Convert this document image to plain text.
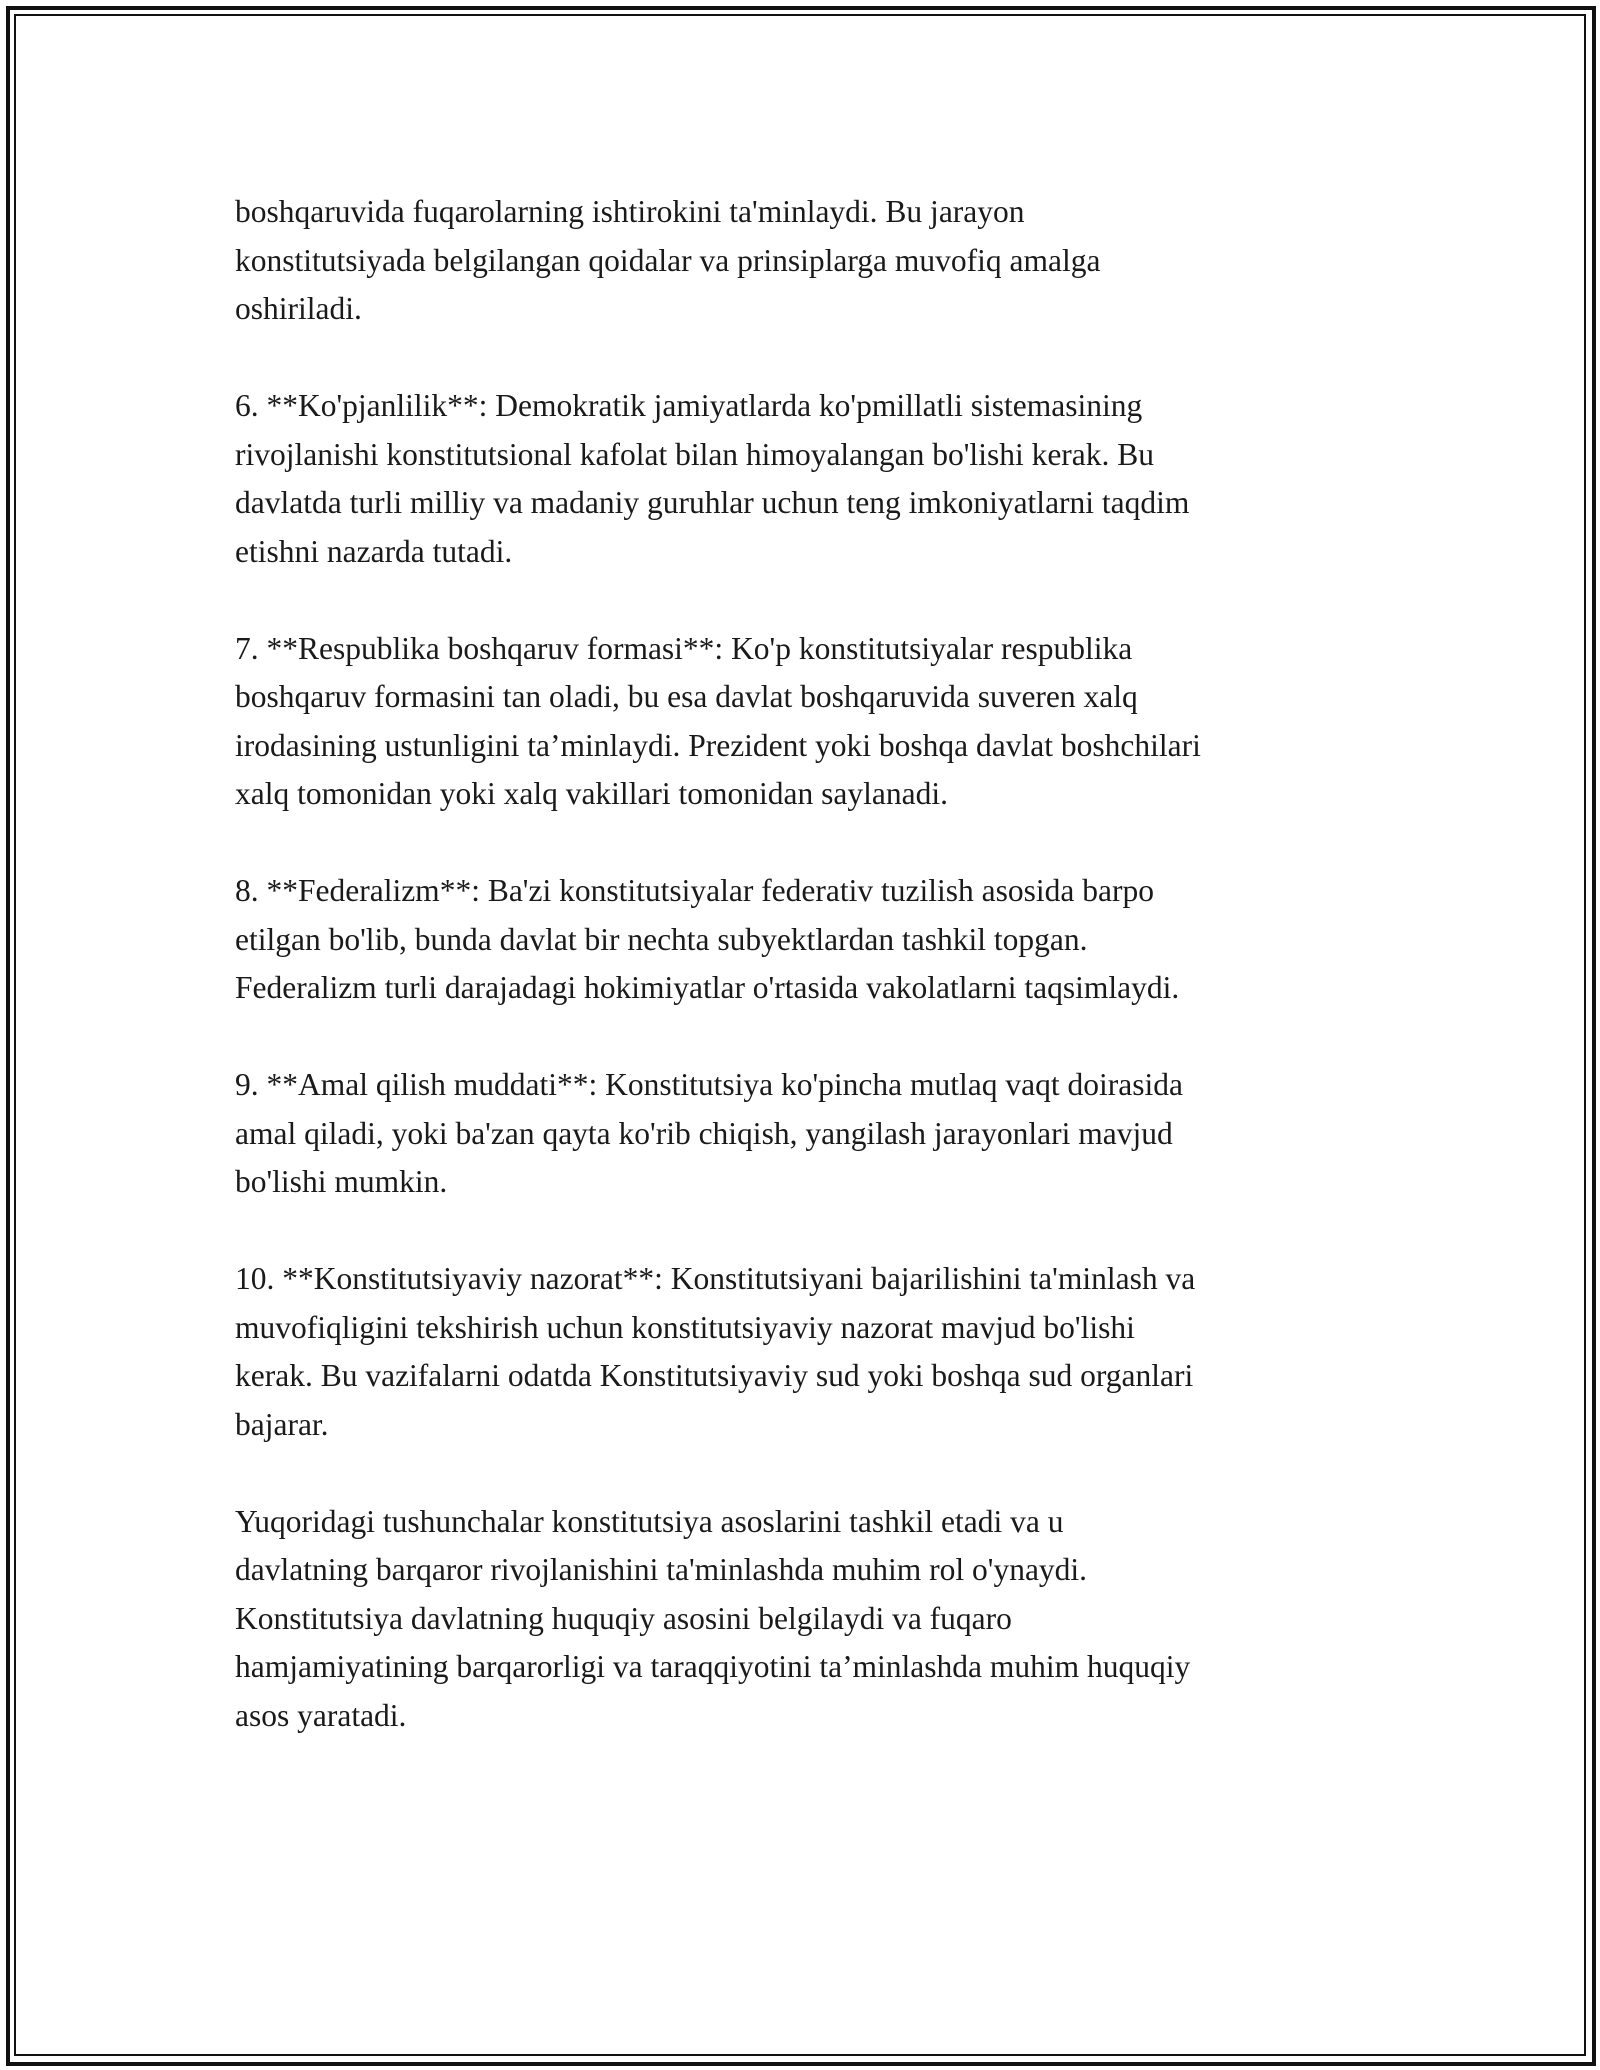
boshqaruvida fuqarolarning ishtirokini ta'minlaydi. Bu jarayon
konstitutsiyada belgilangan qoidalar va prinsiplarga muvofiq amalga
oshiriladi.

6. **Ko'pjanlilik**: Demokratik jamiyatlarda ko'pmillatli sistemasining
rivojlanishi konstitutsional kafolat bilan himoyalangan bo'lishi kerak. Bu
davlatda turli milliy va madaniy guruhlar uchun teng imkoniyatlarni taqdim
etishni nazarda tutadi.

7. **Respublika boshqaruv formasi**: Ko'p konstitutsiyalar respublika
boshqaruv formasini tan oladi, bu esa davlat boshqaruvida suveren xalq
irodasining ustunligini ta’minlaydi. Prezident yoki boshqa davlat boshchilari
xalq tomonidan yoki xalq vakillari tomonidan saylanadi.

8. **Federalizm**: Ba'zi konstitutsiyalar federativ tuzilish asosida barpo
etilgan bo'lib, bunda davlat bir nechta subyektlardan tashkil topgan.
Federalizm turli darajadagi hokimiyatlar o'rtasida vakolatlarni taqsimlaydi.

9. **Amal qilish muddati**: Konstitutsiya ko'pincha mutlaq vaqt doirasida
amal qiladi, yoki ba'zan qayta ko'rib chiqish, yangilash jarayonlari mavjud
bo'lishi mumkin.

10. **Konstitutsiyaviy nazorat**: Konstitutsiyani bajarilishini ta'minlash va
muvofiqligini tekshirish uchun konstitutsiyaviy nazorat mavjud bo'lishi
kerak. Bu vazifalarni odatda Konstitutsiyaviy sud yoki boshqa sud organlari
bajarar.

Yuqoridagi tushunchalar konstitutsiya asoslarini tashkil etadi va u
davlatning barqaror rivojlanishini ta'minlashda muhim rol o'ynaydi.
Konstitutsiya davlatning huquqiy asosini belgilaydi va fuqaro
hamjamiyatining barqarorligi va taraqqiyotini ta’minlashda muhim huquqiy
asos yaratadi.
